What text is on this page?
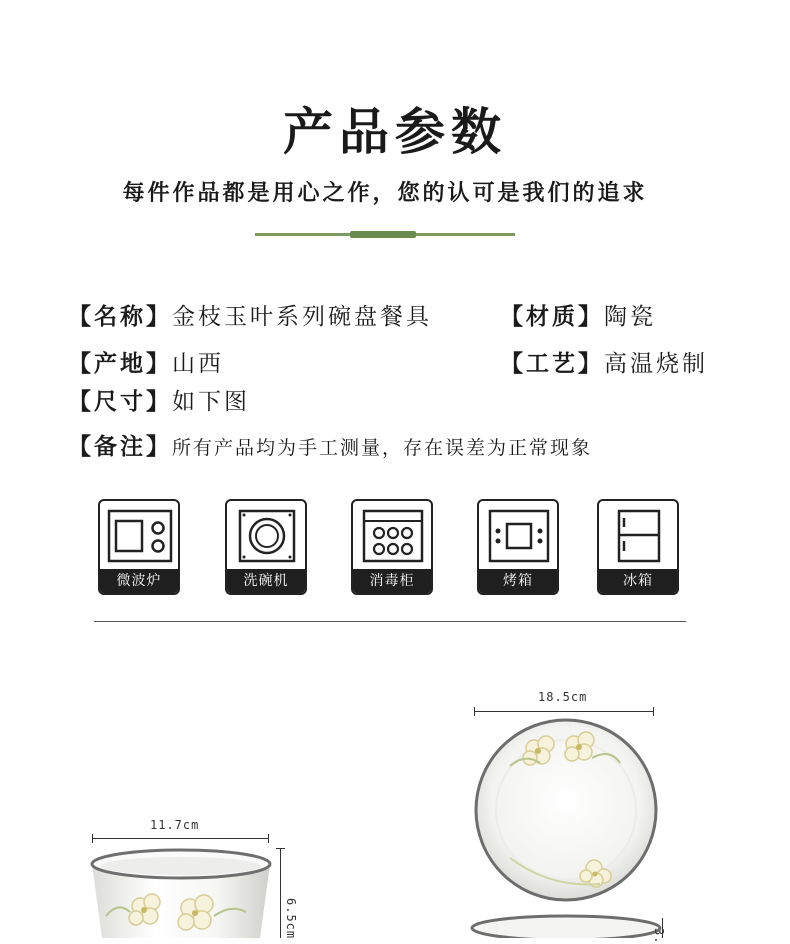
产品参数
每件作品都是用心之作，您的认可是我们的追求
【名称】金枝玉叶系列碗盘餐具	【材质】陶瓷
【产地】山西	【工艺】高温烧制
【尺寸】如下图
【备注】所有产品均为手工测量，存在误差为正常现象
微波炉	洗碗机	消毒柜	烤箱	冰箱
18.5cm
3.
11.7cm
6.5cm
